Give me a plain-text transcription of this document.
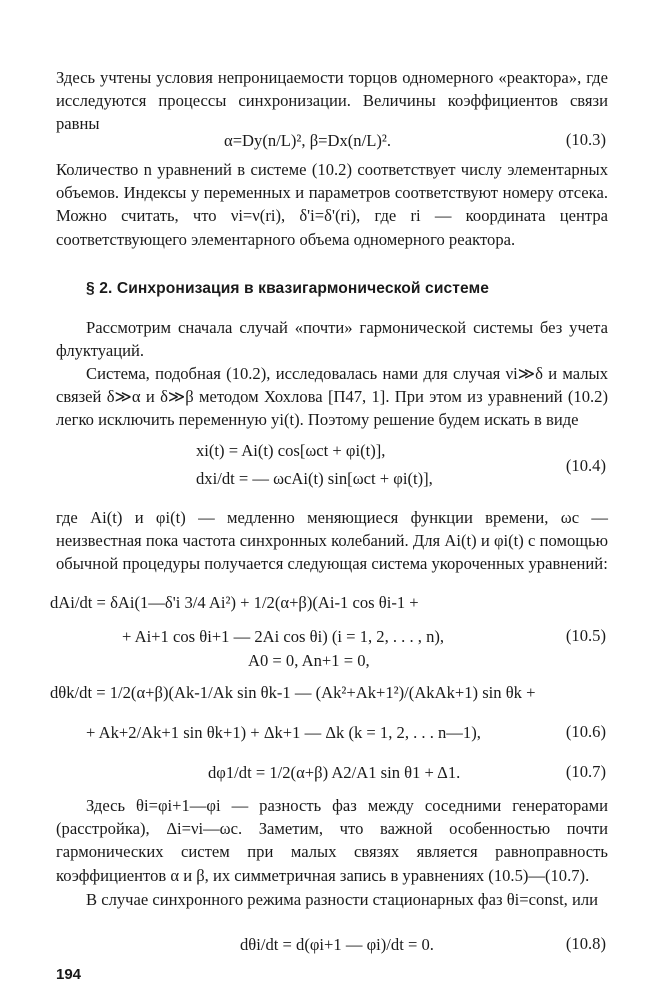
Здесь учтены условия непроницаемости торцов одномерного «реактора», где исследуются процессы синхронизации. Величины коэффициентов связи равны

α=Dy(n/L)², β=Dx(n/L)².	(10.3)

Количество n уравнений в системе (10.2) соответствует числу элементарных объемов. Индексы у переменных и параметров соответствуют номеру отсека. Можно считать, что νi=ν(ri), δ'i=δ'(ri), где ri — координата центра соответствующего элементарного объема одномерного реактора.

§ 2. Синхронизация в квазигармонической системе

Рассмотрим сначала случай «почти» гармонической системы без учета флуктуаций.

Система, подобная (10.2), исследовалась нами для случая νi≫δ и малых связей δ≫α и δ≫β методом Хохлова [П47, 1]. При этом из уравнений (10.2) легко исключить переменную yi(t). Поэтому решение будем искать в виде

xi(t) = Ai(t) cos[ωct + φi(t)],
dxi/dt = — ωcAi(t) sin[ωct + φi(t)],
(10.4)

где Ai(t) и φi(t) — медленно меняющиеся функции времени, ωc — неизвестная пока частота синхронных колебаний. Для Ai(t) и φi(t) с помощью обычной процедуры получается следующая система укороченных уравнений:

dAi/dt = δAi(1—δ'i 3/4 Ai²) + 1/2(α+β)(Ai-1 cos θi-1 +
+ Ai+1 cos θi+1 — 2Ai cos θi) (i = 1, 2, . . . , n),	(10.5)
A0 = 0, An+1 = 0,
dθk/dt = 1/2(α+β)(Ak-1/Ak sin θk-1 — (Ak²+Ak+1²)/(AkAk+1) sin θk +
+ Ak+2/Ak+1 sin θk+1) + Δk+1 — Δk (k = 1, 2, . . . n—1),	(10.6)
dφ1/dt = 1/2(α+β) A2/A1 sin θ1 + Δ1.	(10.7)

Здесь θi=φi+1—φi — разность фаз между соседними генераторами (расстройка), Δi=νi—ωc. Заметим, что важной особенностью почти гармонических систем при малых связях является равноправность коэффициентов α и β, их симметричная запись в уравнениях (10.5)—(10.7).

В случае синхронного режима разности стационарных фаз θi=const, или

dθi/dt = d(φi+1 — φi)/dt = 0.	(10.8)
194
